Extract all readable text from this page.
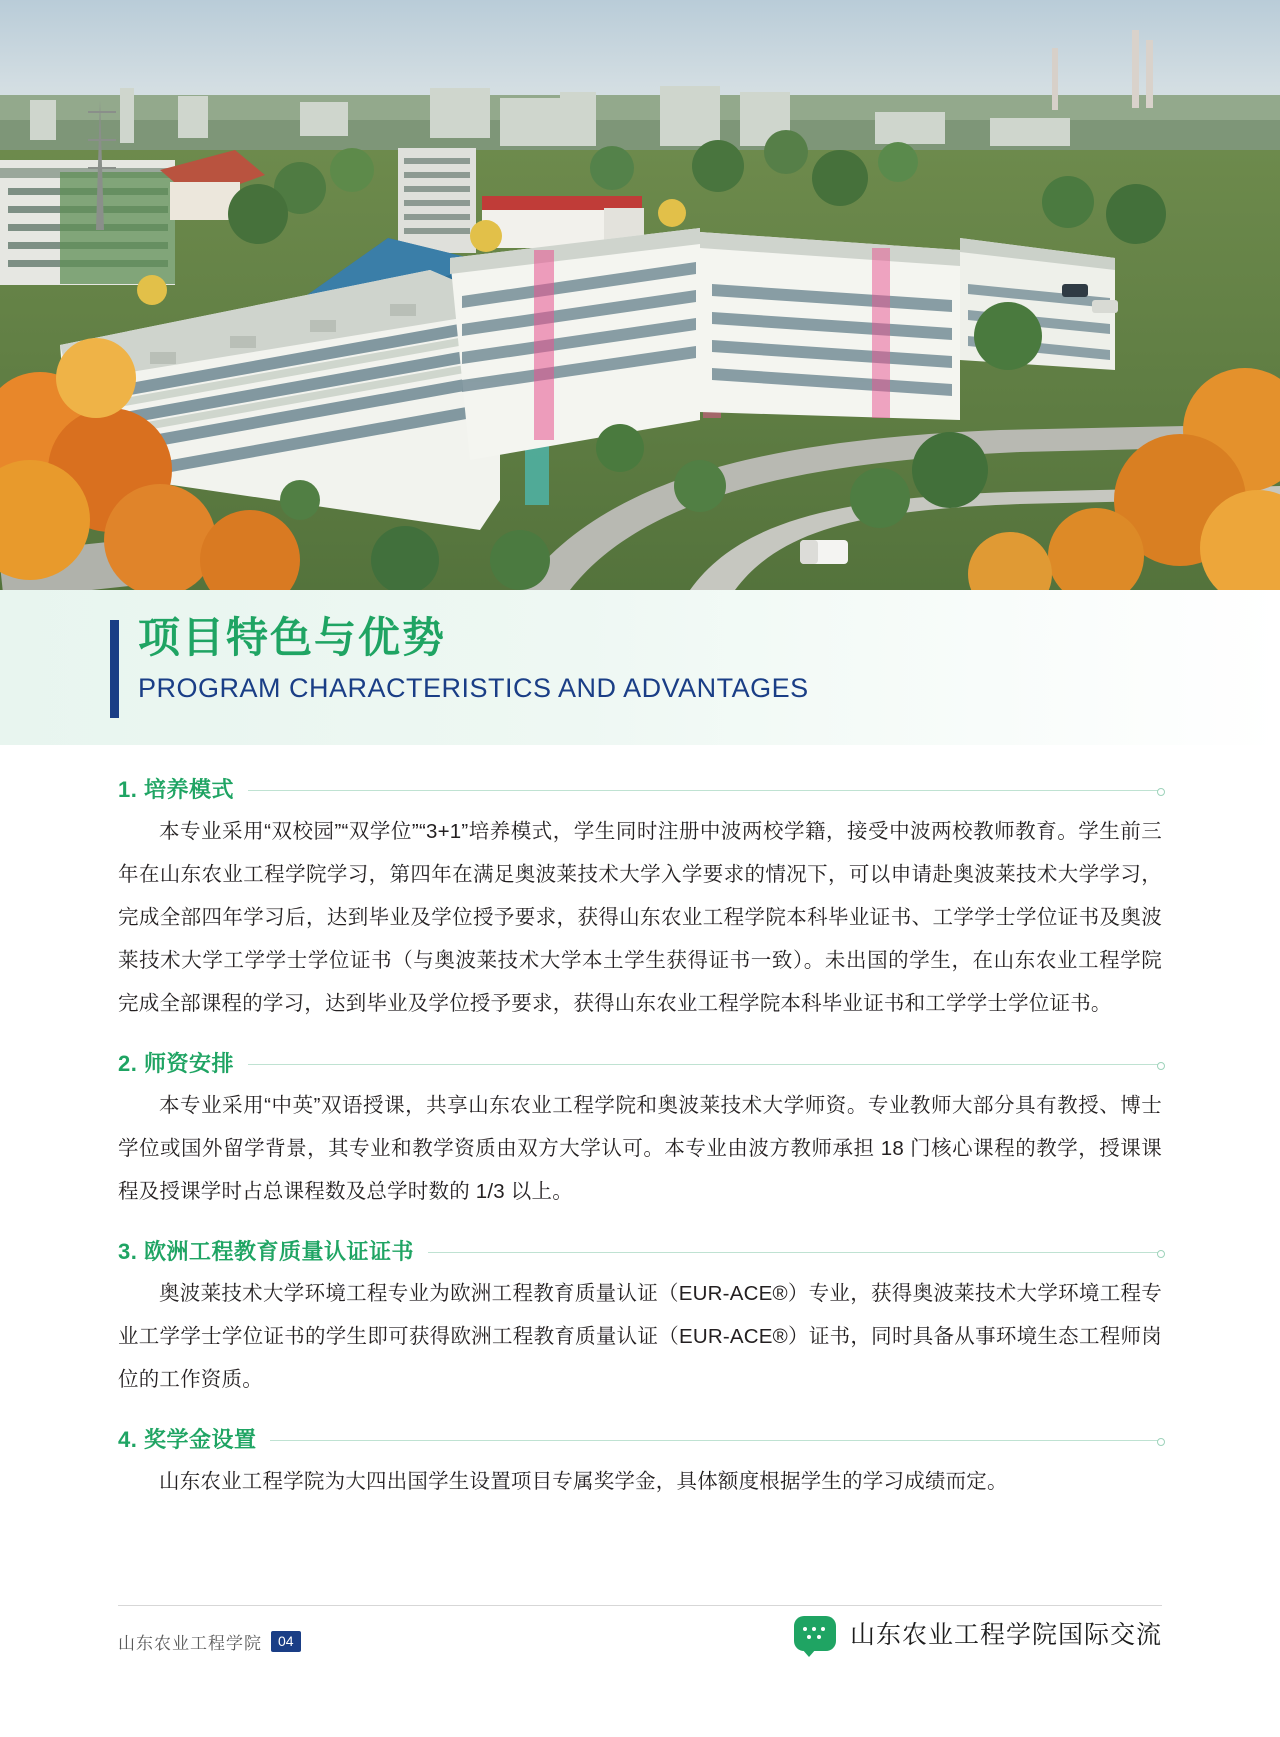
项目特色与优势
PROGRAM CHARACTERISTICS AND ADVANTAGES
1. 培养模式

本专业采用“双校园”“双学位”“3+1”培养模式，学生同时注册中波两校学籍，接受中波两校教师教育。学生前三年在山东农业工程学院学习，第四年在满足奥波莱技术大学入学要求的情况下，可以申请赴奥波莱技术大学学习，完成全部四年学习后，达到毕业及学位授予要求，获得山东农业工程学院本科毕业证书、工学学士学位证书及奥波莱技术大学工学学士学位证书（与奥波莱技术大学本土学生获得证书一致）。未出国的学生，在山东农业工程学院完成全部课程的学习，达到毕业及学位授予要求，获得山东农业工程学院本科毕业证书和工学学士学位证书。

2. 师资安排

本专业采用“中英”双语授课，共享山东农业工程学院和奥波莱技术大学师资。专业教师大部分具有教授、博士学位或国外留学背景，其专业和教学资质由双方大学认可。本专业由波方教师承担 18 门核心课程的教学，授课课程及授课学时占总课程数及总学时数的 1/3 以上。

3. 欧洲工程教育质量认证证书

奥波莱技术大学环境工程专业为欧洲工程教育质量认证（EUR-ACE®）专业，获得奥波莱技术大学环境工程专业工学学士学位证书的学生即可获得欧洲工程教育质量认证（EUR-ACE®）证书，同时具备从事环境生态工程师岗位的工作资质。

4. 奖学金设置

山东农业工程学院为大四出国学生设置项目专属奖学金，具体额度根据学生的学习成绩而定。

山东农业工程学院	04	山东农业工程学院国际交流
